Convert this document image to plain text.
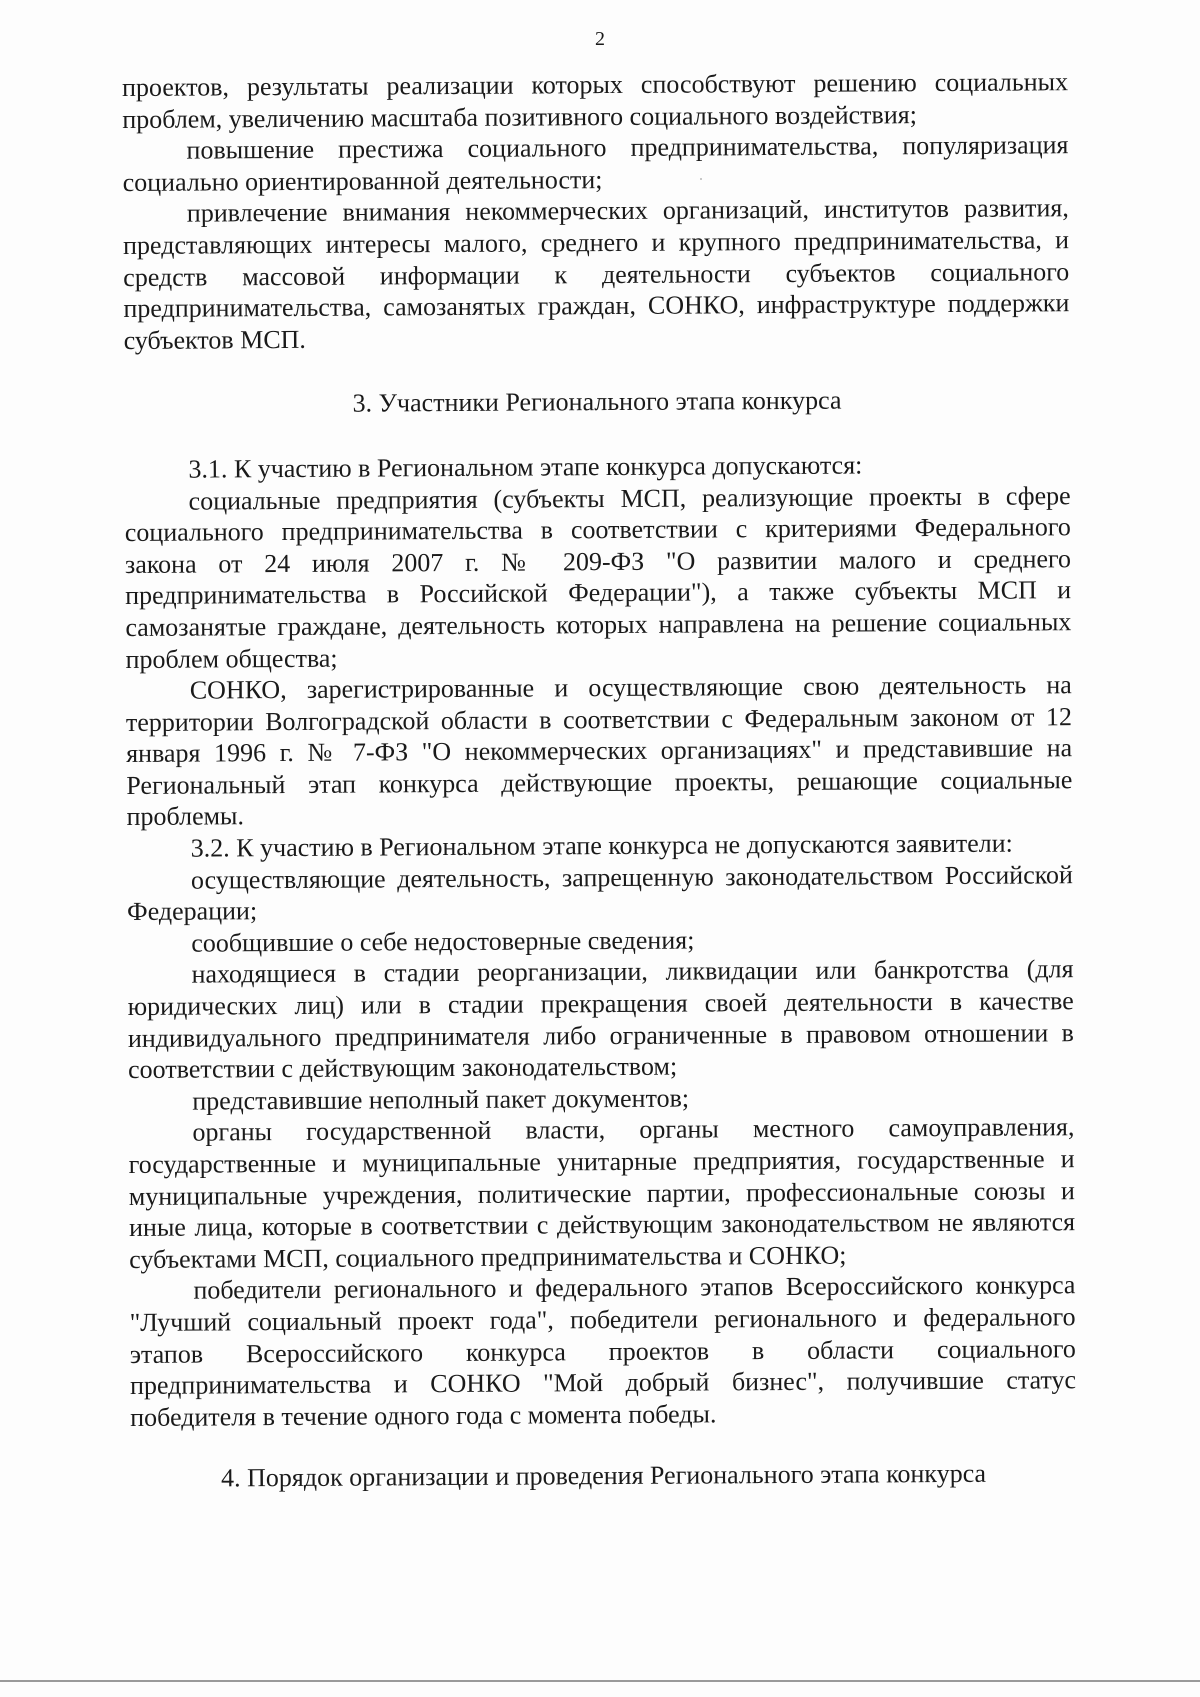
2

проектов, результаты реализации которых способствуют решению социальных проблем, увеличению масштаба позитивного социального воздействия;

повышение престижа социального предпринимательства, популяризация социально ориентированной деятельности;

привлечение внимания некоммерческих организаций, институтов развития, представляющих интересы малого, среднего и крупного предпринимательства, и средств массовой информации к деятельности субъектов социального предпринимательства, самозанятых граждан, СОНКО, инфраструктуре поддержки субъектов МСП.

3. Участники Регионального этапа конкурса

3.1. К участию в Региональном этапе конкурса допускаются:

социальные предприятия (субъекты МСП, реализующие проекты в сфере социального предпринимательства в соответствии с критериями Федерального закона от 24 июля 2007 г. № 209-ФЗ "О развитии малого и среднего предпринимательства в Российской Федерации"), а также субъекты МСП и самозанятые граждане, деятельность которых направлена на решение социальных проблем общества;

СОНКО, зарегистрированные и осуществляющие свою деятельность на территории Волгоградской области в соответствии с Федеральным законом от 12 января 1996 г. № 7-ФЗ "О некоммерческих организациях" и представившие на Региональный этап конкурса действующие проекты, решающие социальные проблемы.

3.2. К участию в Региональном этапе конкурса не допускаются заявители:

осуществляющие деятельность, запрещенную законодательством Российской Федерации;

сообщившие о себе недостоверные сведения;

находящиеся в стадии реорганизации, ликвидации или банкротства (для юридических лиц) или в стадии прекращения своей деятельности в качестве индивидуального предпринимателя либо ограниченные в правовом отношении в соответствии с действующим законодательством;

представившие неполный пакет документов;

органы государственной власти, органы местного самоуправления, государственные и муниципальные унитарные предприятия, государственные и муниципальные учреждения, политические партии, профессиональные союзы и иные лица, которые в соответствии с действующим законодательством не являются субъектами МСП, социального предпринимательства и СОНКО;

победители регионального и федерального этапов Всероссийского конкурса "Лучший социальный проект года", победители регионального и федерального этапов Всероссийского конкурса проектов в области социального предпринимательства и СОНКО "Мой добрый бизнес", получившие статус победителя в течение одного года с момента победы.

4. Порядок организации и проведения Регионального этапа конкурса
